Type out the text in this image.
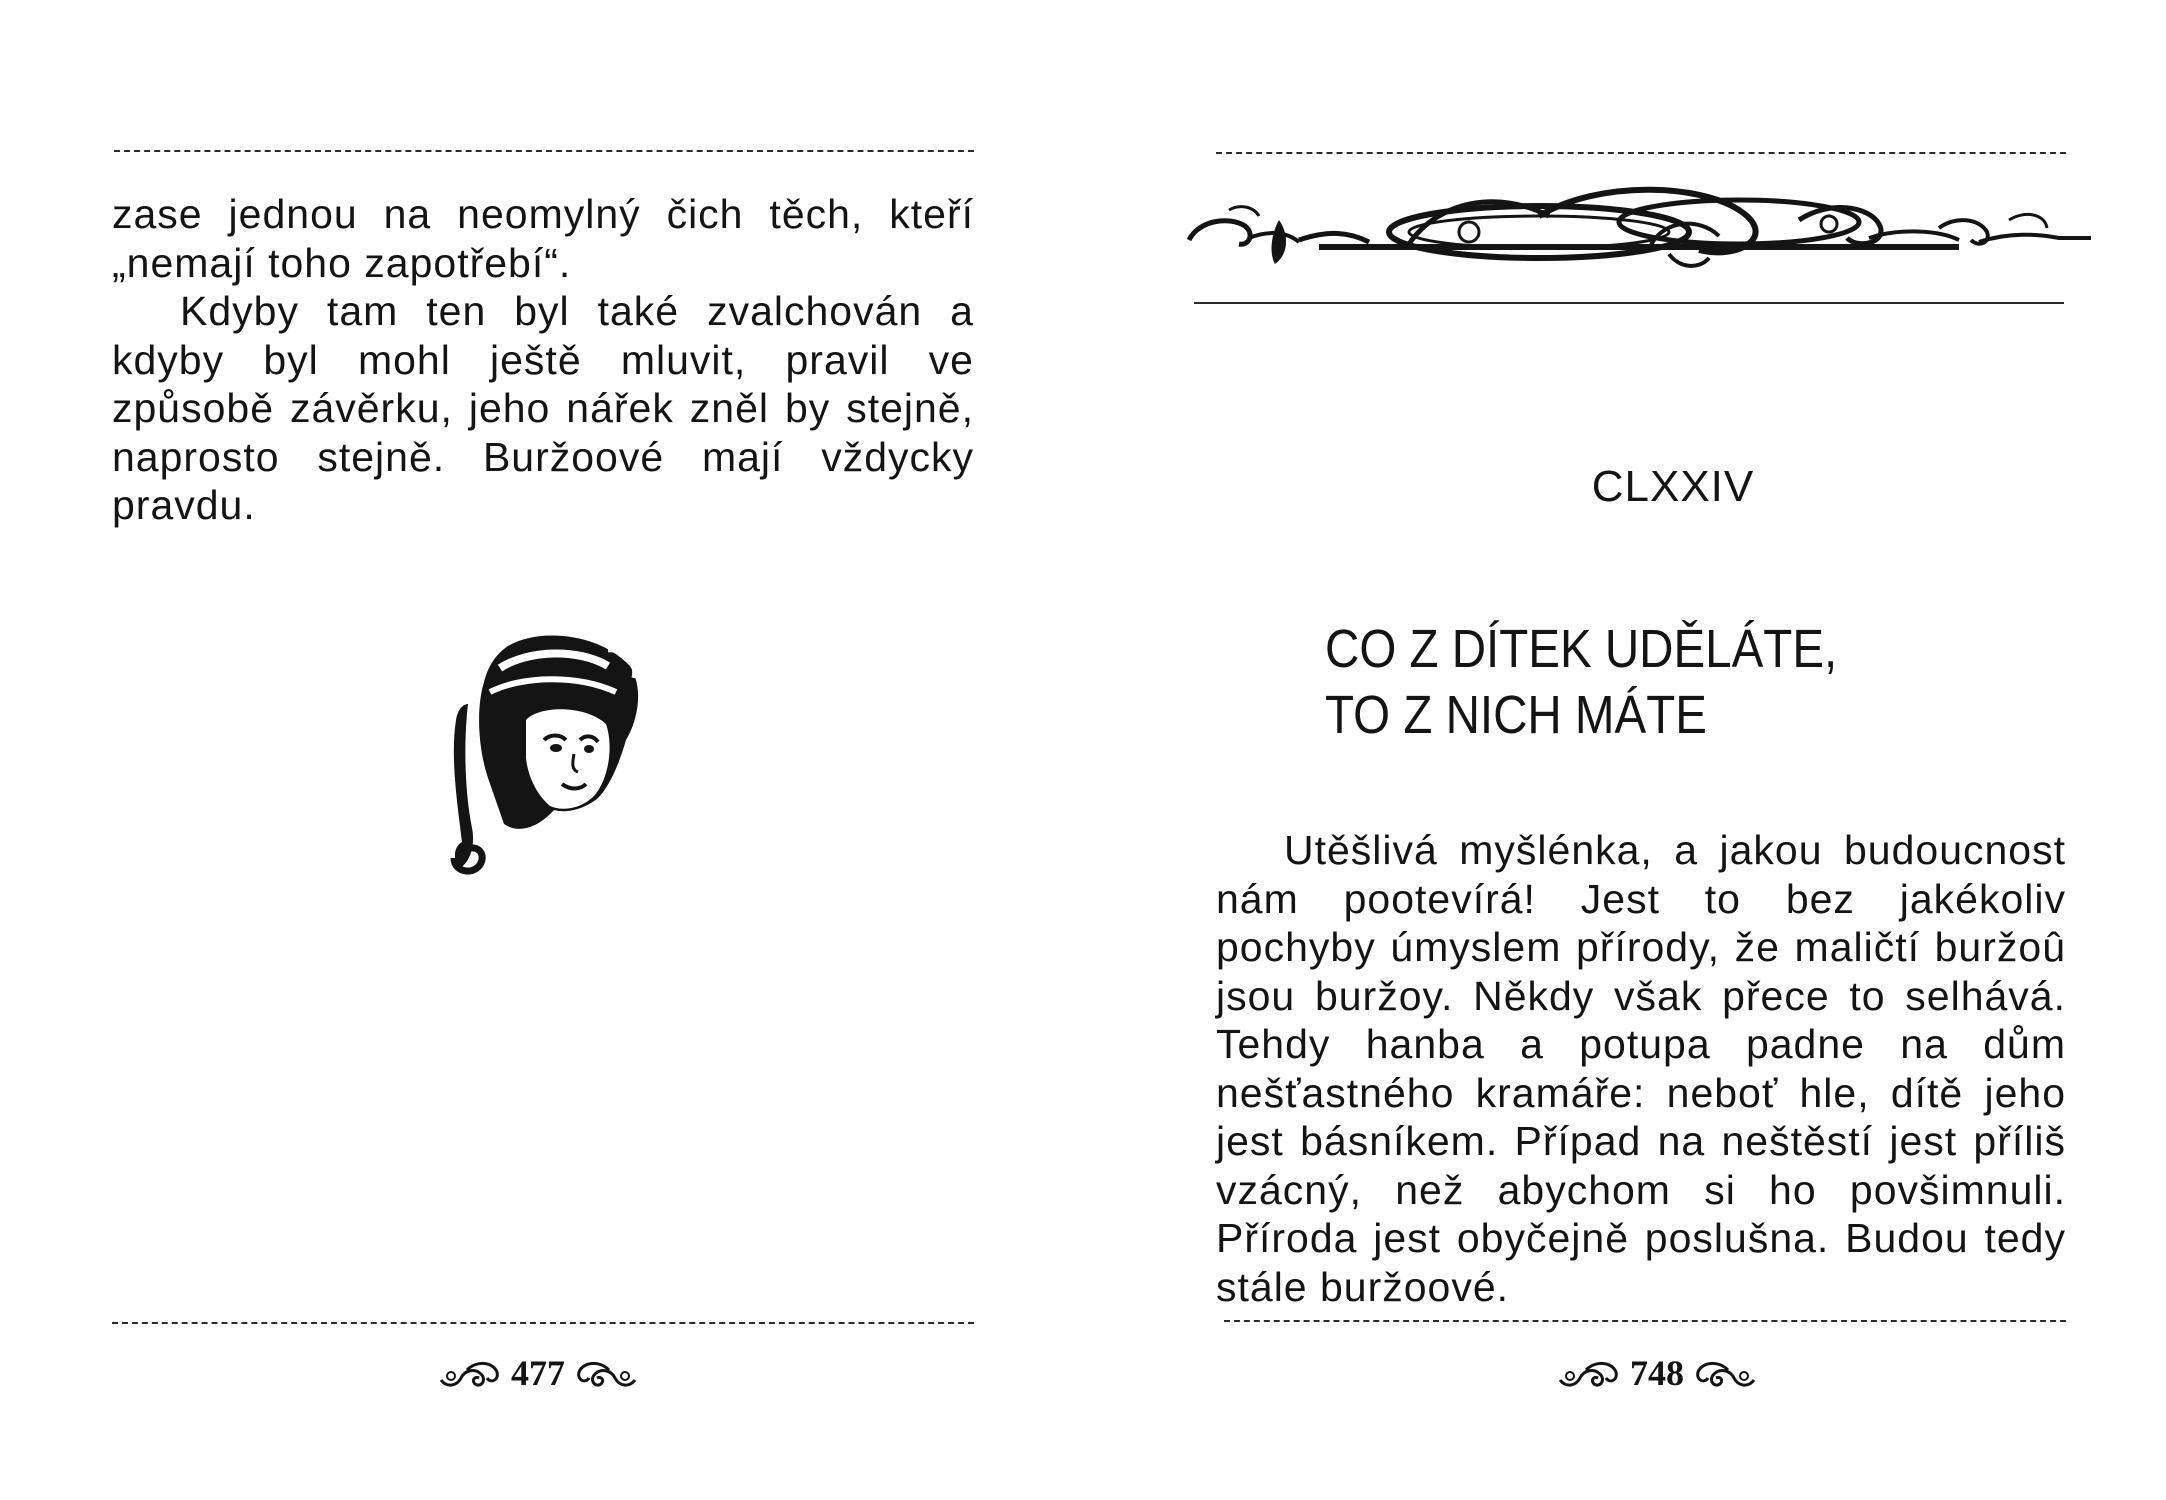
zase jednou na neomylný čich těch, kteří „nemají toho zapotřebí“.

Kdyby tam ten byl také zvalchován a kdyby byl mohl ještě mluvit, pravil ve způsobě závěrku, jeho nářek zněl by stejně, naprosto stejně. Buržoové mají vždycky pravdu.

477
CLXXIV
CO Z DÍTEK UDĚLÁTE,
TO Z NICH MÁTE

Utěšlivá myšlénka, a jakou budoucnost nám pootevírá! Jest to bez jakékoliv pochyby úmyslem přírody, že maličtí buržoû jsou buržoy. Někdy však přece to selhává. Tehdy hanba a potupa padne na dům nešťastného kramáře: neboť hle, dítě jeho jest básníkem. Případ na neštěstí jest příliš vzácný, než abychom si ho povšimnuli. Příroda jest obyčejně poslušna. Budou tedy stále buržoové.

748
